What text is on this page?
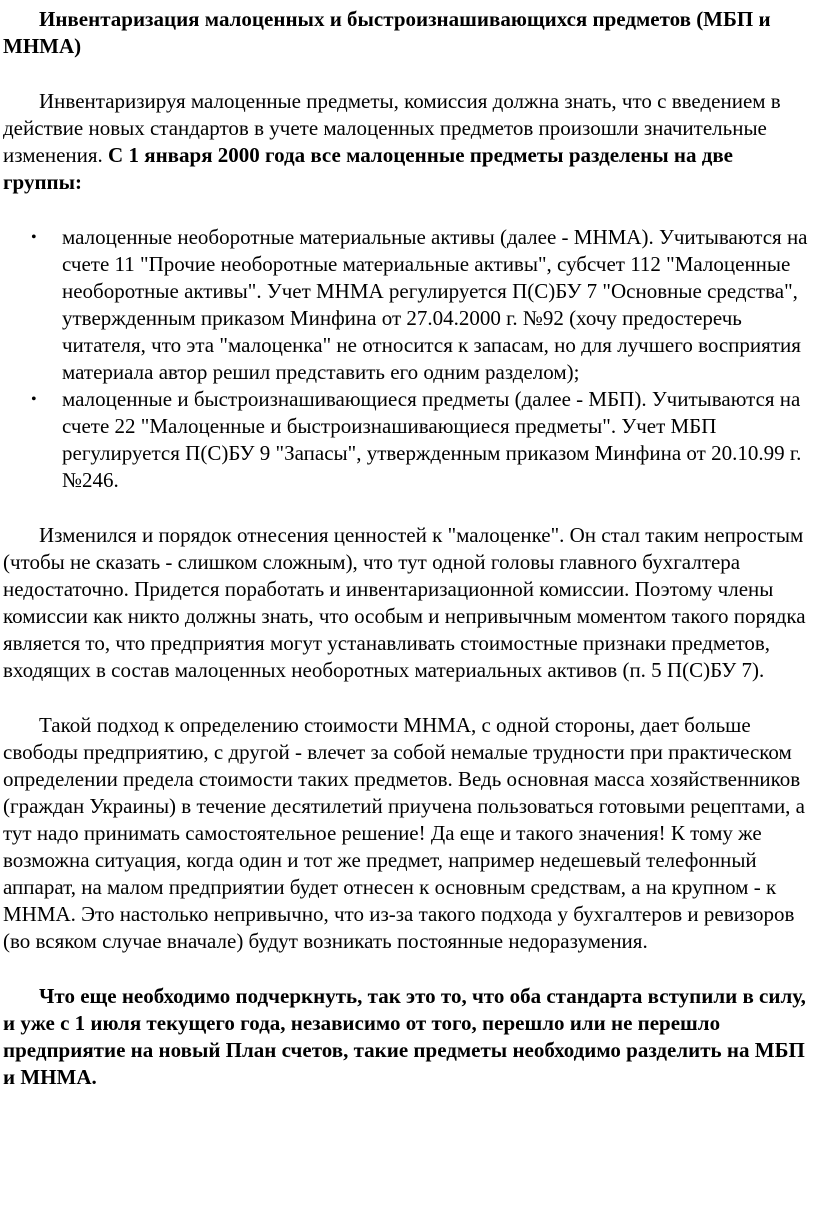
Инвентаризация малоценных и быстроизнашивающихся предметов (МБП и МНМА)

Инвентаризируя малоценные предметы, комиссия должна знать, что с введением в действие новых стандартов в учете малоценных предметов произошли значительные изменения. С 1 января 2000 года все малоценные предметы разделены на две группы:

• малоценные необоротные материальные активы (далее - МНМА). Учитываются на счете 11 "Прочие необоротные материальные активы", субсчет 112 "Малоценные необоротные активы". Учет МНМА регулируется П(С)БУ 7 "Основные средства", утвержденным приказом Минфина от 27.04.2000 г. №92 (хочу предостеречь читателя, что эта "малоценка" не относится к запасам, но для лучшего восприятия материала автор решил представить его одним разделом);
• малоценные и быстроизнашивающиеся предметы (далее - МБП). Учитываются на счете 22 "Малоценные и быстроизнашивающиеся предметы". Учет МБП регулируется П(С)БУ 9 "Запасы", утвержденным приказом Минфина от 20.10.99 г. №246.

Изменился и порядок отнесения ценностей к "малоценке". Он стал таким непростым (чтобы не сказать - слишком сложным), что тут одной головы главного бухгалтера недостаточно. Придется поработать и инвентаризационной комиссии. Поэтому члены комиссии как никто должны знать, что особым и непривычным моментом такого порядка является то, что предприятия могут устанавливать стоимостные признаки предметов, входящих в состав малоценных необоротных материальных активов (п. 5 П(С)БУ 7).

Такой подход к определению стоимости МНМА, с одной стороны, дает больше свободы предприятию, с другой - влечет за собой немалые трудности при практическом определении предела стоимости таких предметов. Ведь основная масса хозяйственников (граждан Украины) в течение десятилетий приучена пользоваться готовыми рецептами, а тут надо принимать самостоятельное решение! Да еще и такого значения! К тому же возможна ситуация, когда один и тот же предмет, например недешевый телефонный аппарат, на малом предприятии будет отнесен к основным средствам, а на крупном - к МНМА. Это настолько непривычно, что из-за такого подхода у бухгалтеров и ревизоров (во всяком случае вначале) будут возникать постоянные недоразумения.

Что еще необходимо подчеркнуть, так это то, что оба стандарта вступили в силу, и уже с 1 июля текущего года, независимо от того, перешло или не перешло предприятие на новый План счетов, такие предметы необходимо разделить на МБП и МНМА.
